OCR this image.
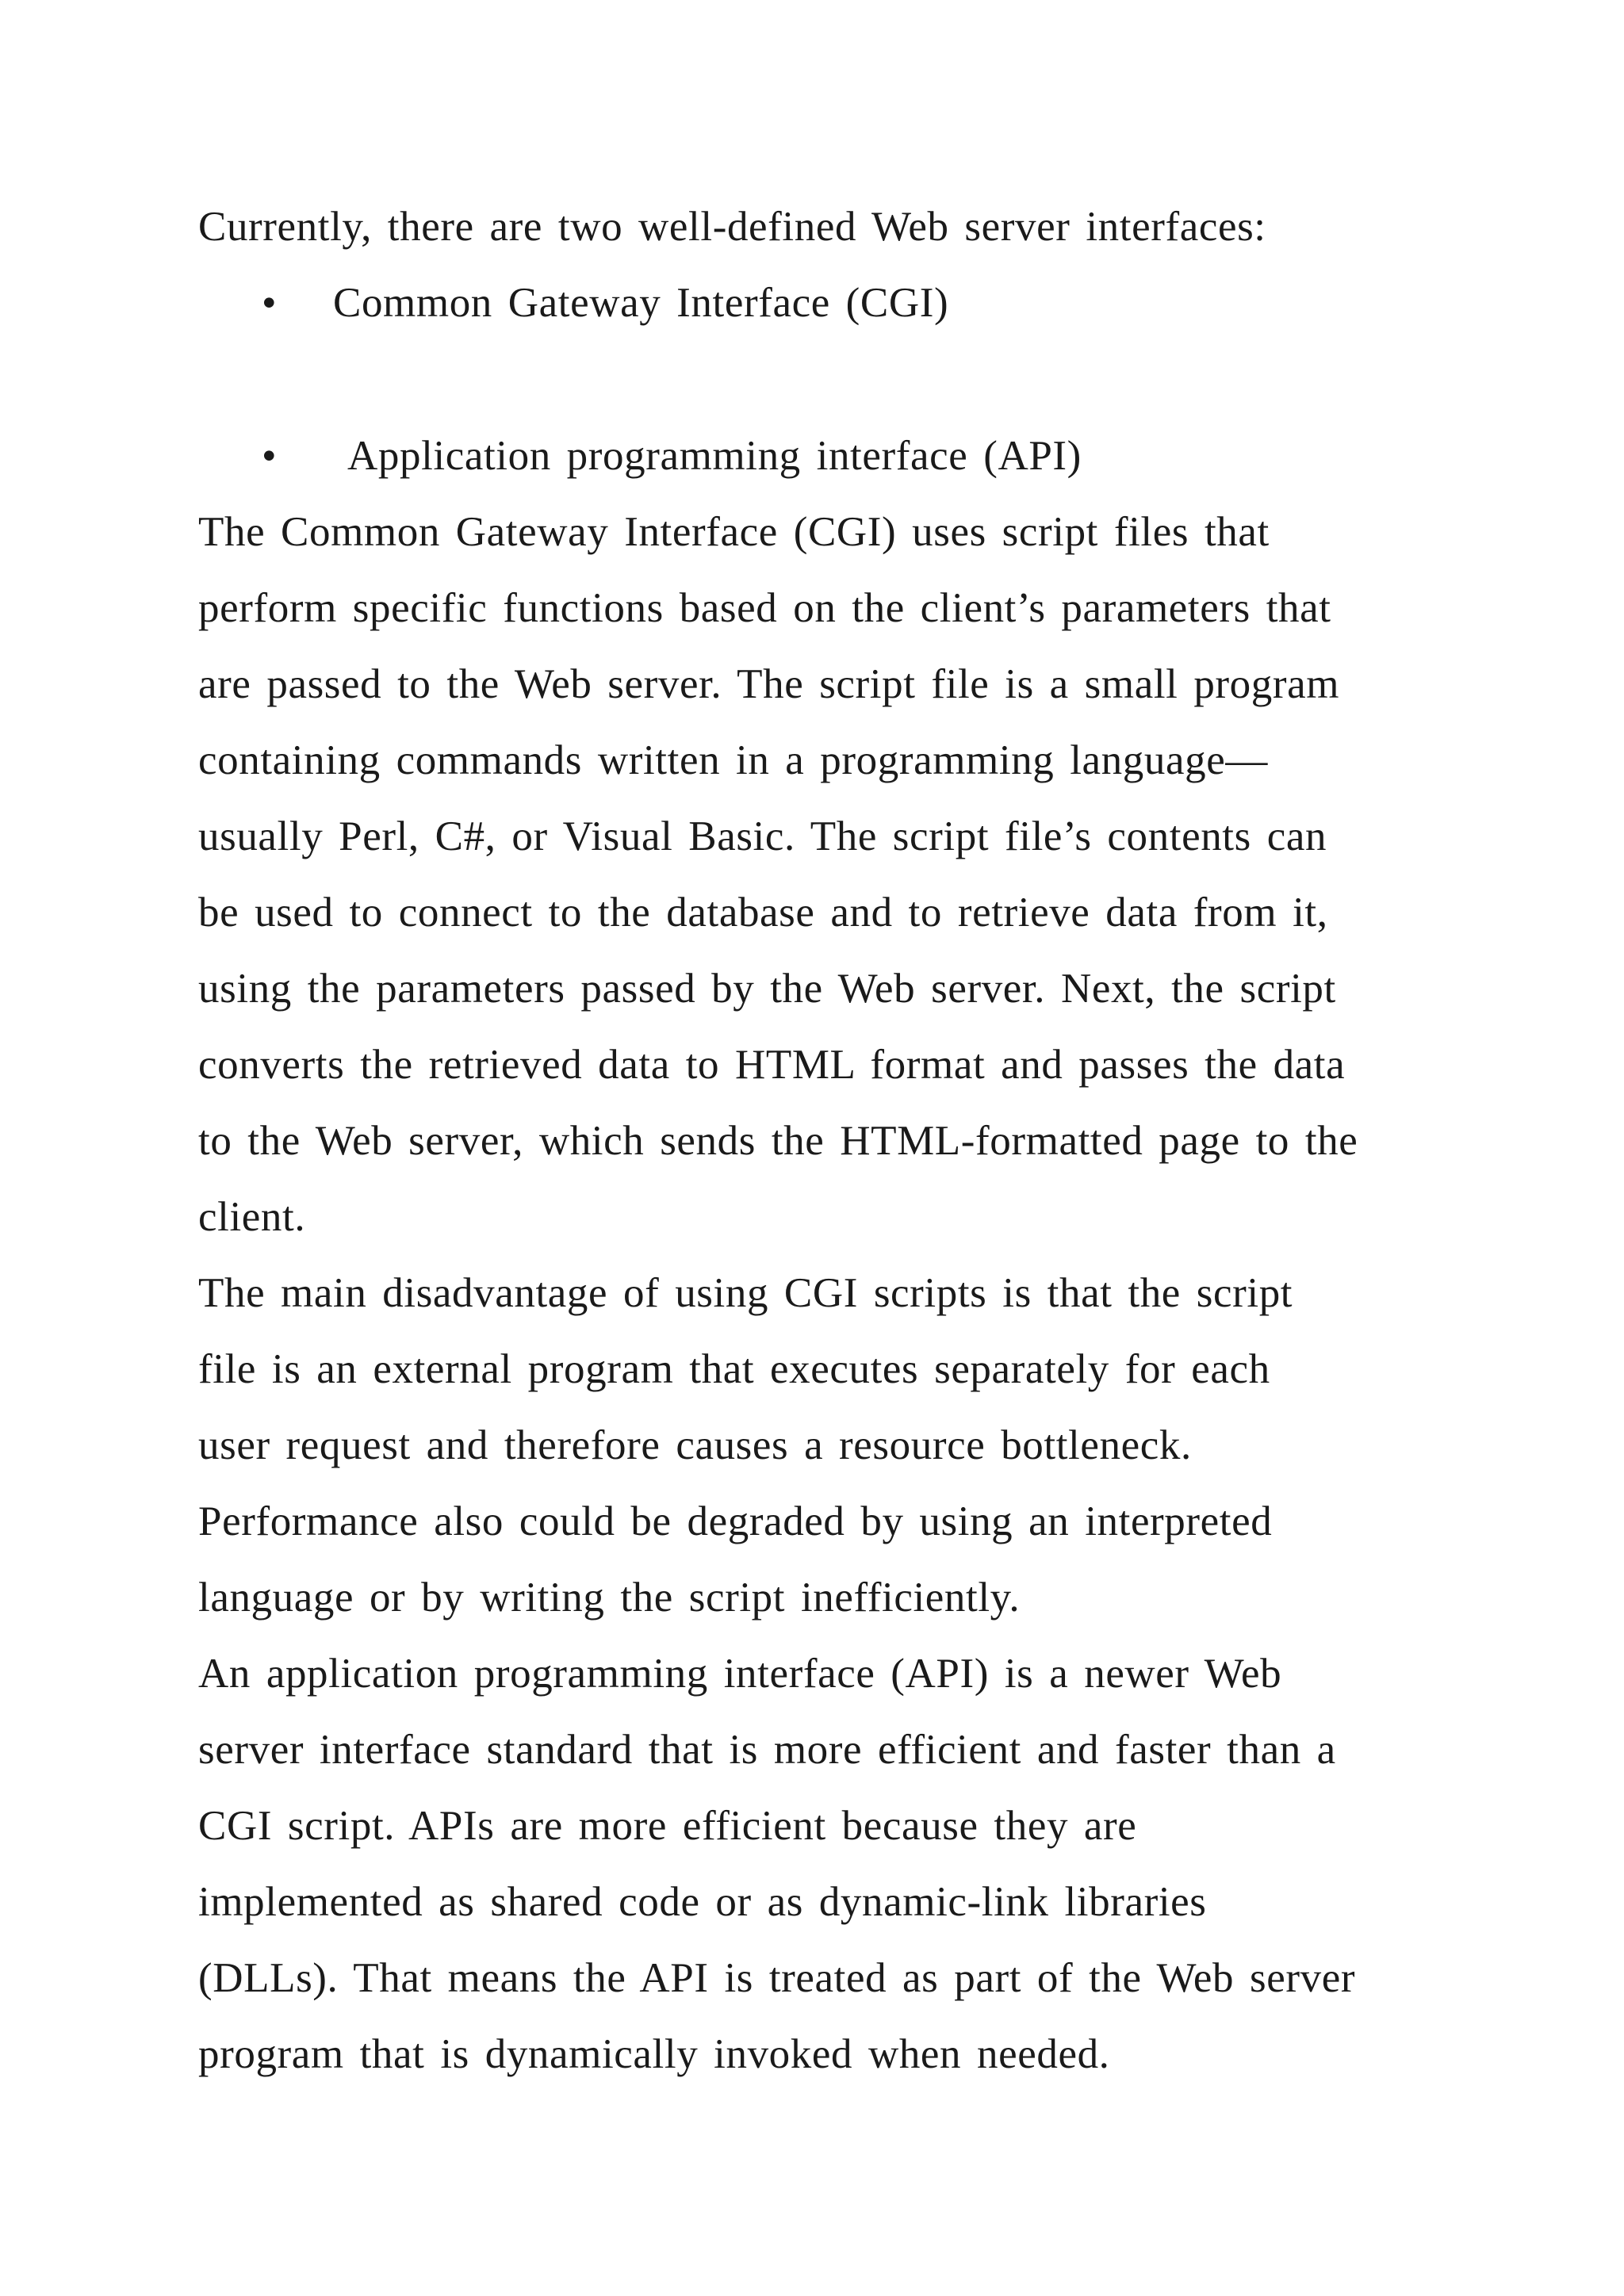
Currently, there are two well-defined Web server interfaces:
• Common Gateway Interface (CGI)
• Application programming interface (API)
The Common Gateway Interface (CGI) uses script files that
perform specific functions based on the client’s parameters that
are passed to the Web server. The script file is a small program
containing commands written in a programming language—
usually Perl, C#, or Visual Basic. The script file’s contents can
be used to connect to the database and to retrieve data from it,
using the parameters passed by the Web server. Next, the script
converts the retrieved data to HTML format and passes the data
to the Web server, which sends the HTML-formatted page to the
client.
The main disadvantage of using CGI scripts is that the script
file is an external program that executes separately for each
user request and therefore causes a resource bottleneck.
Performance also could be degraded by using an interpreted
language or by writing the script inefficiently.
An application programming interface (API) is a newer Web
server interface standard that is more efficient and faster than a
CGI script. APIs are more efficient because they are
implemented as shared code or as dynamic-link libraries
(DLLs). That means the API is treated as part of the Web server
program that is dynamically invoked when needed.
